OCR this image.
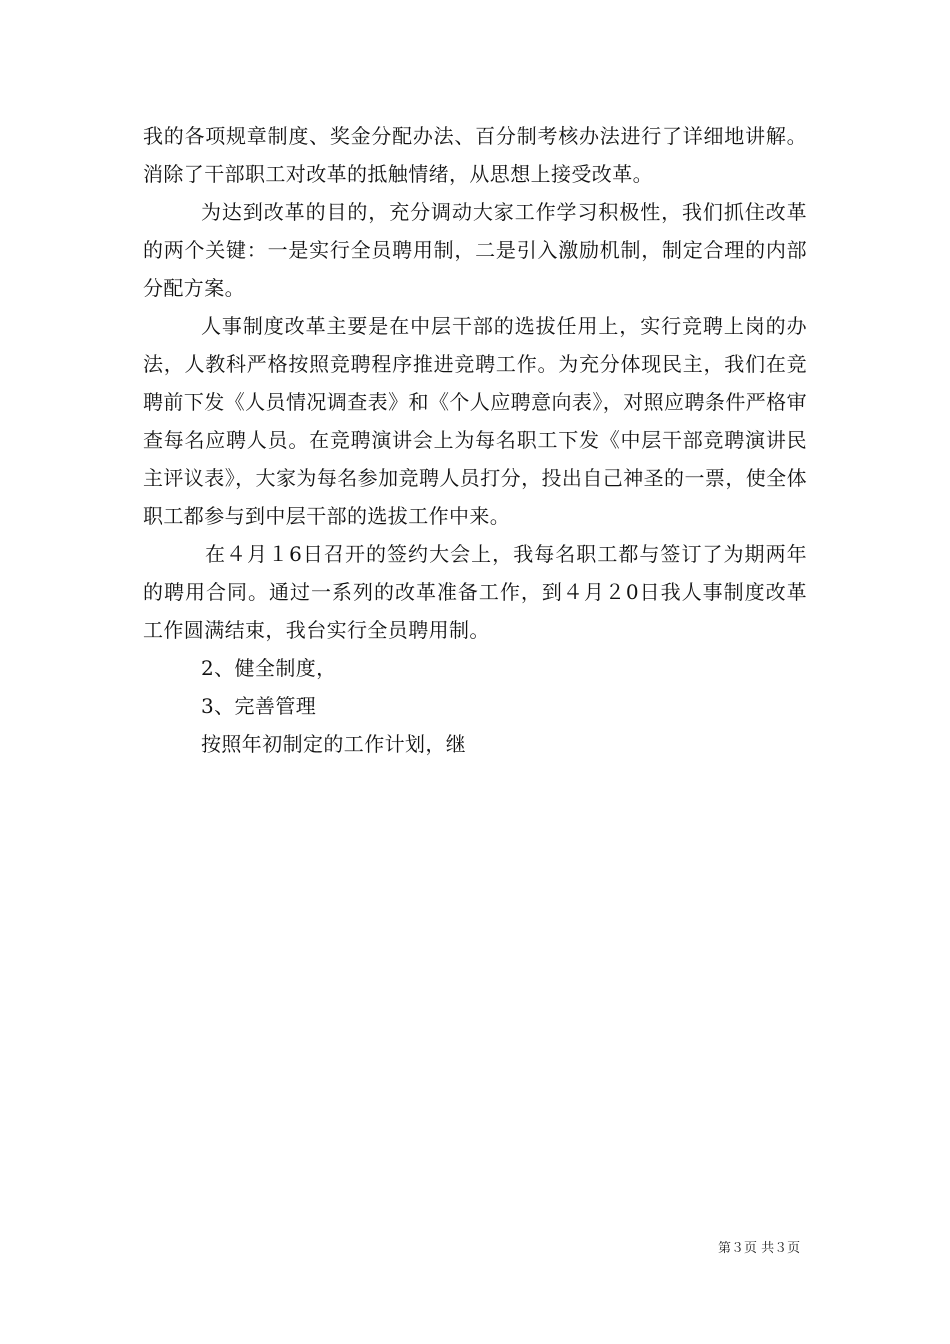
我的各项规章制度、奖金分配办法、百分制考核办法进行了详细地讲解。消除了干部职工对改革的抵触情绪，从思想上接受改革。

为达到改革的目的，充分调动大家工作学习积极性，我们抓住改革的两个关键：一是实行全员聘用制，二是引入激励机制，制定合理的内部分配方案。

人事制度改革主要是在中层干部的选拔任用上，实行竞聘上岗的办法，人教科严格按照竞聘程序推进竞聘工作。为充分体现民主，我们在竞聘前下发《人员情况调查表》和《个人应聘意向表》，对照应聘条件严格审查每名应聘人员。在竞聘演讲会上为每名职工下发《中层干部竞聘演讲民主评议表》，大家为每名参加竞聘人员打分，投出自己神圣的一票，使全体职工都参与到中层干部的选拔工作中来。

在４月１6日召开的签约大会上，我每名职工都与签订了为期两年的聘用合同。通过一系列的改革准备工作，到４月２0日我人事制度改革工作圆满结束，我台实行全员聘用制。

2、健全制度，

3、完善管理

按照年初制定的工作计划，继

第３页 共３页
